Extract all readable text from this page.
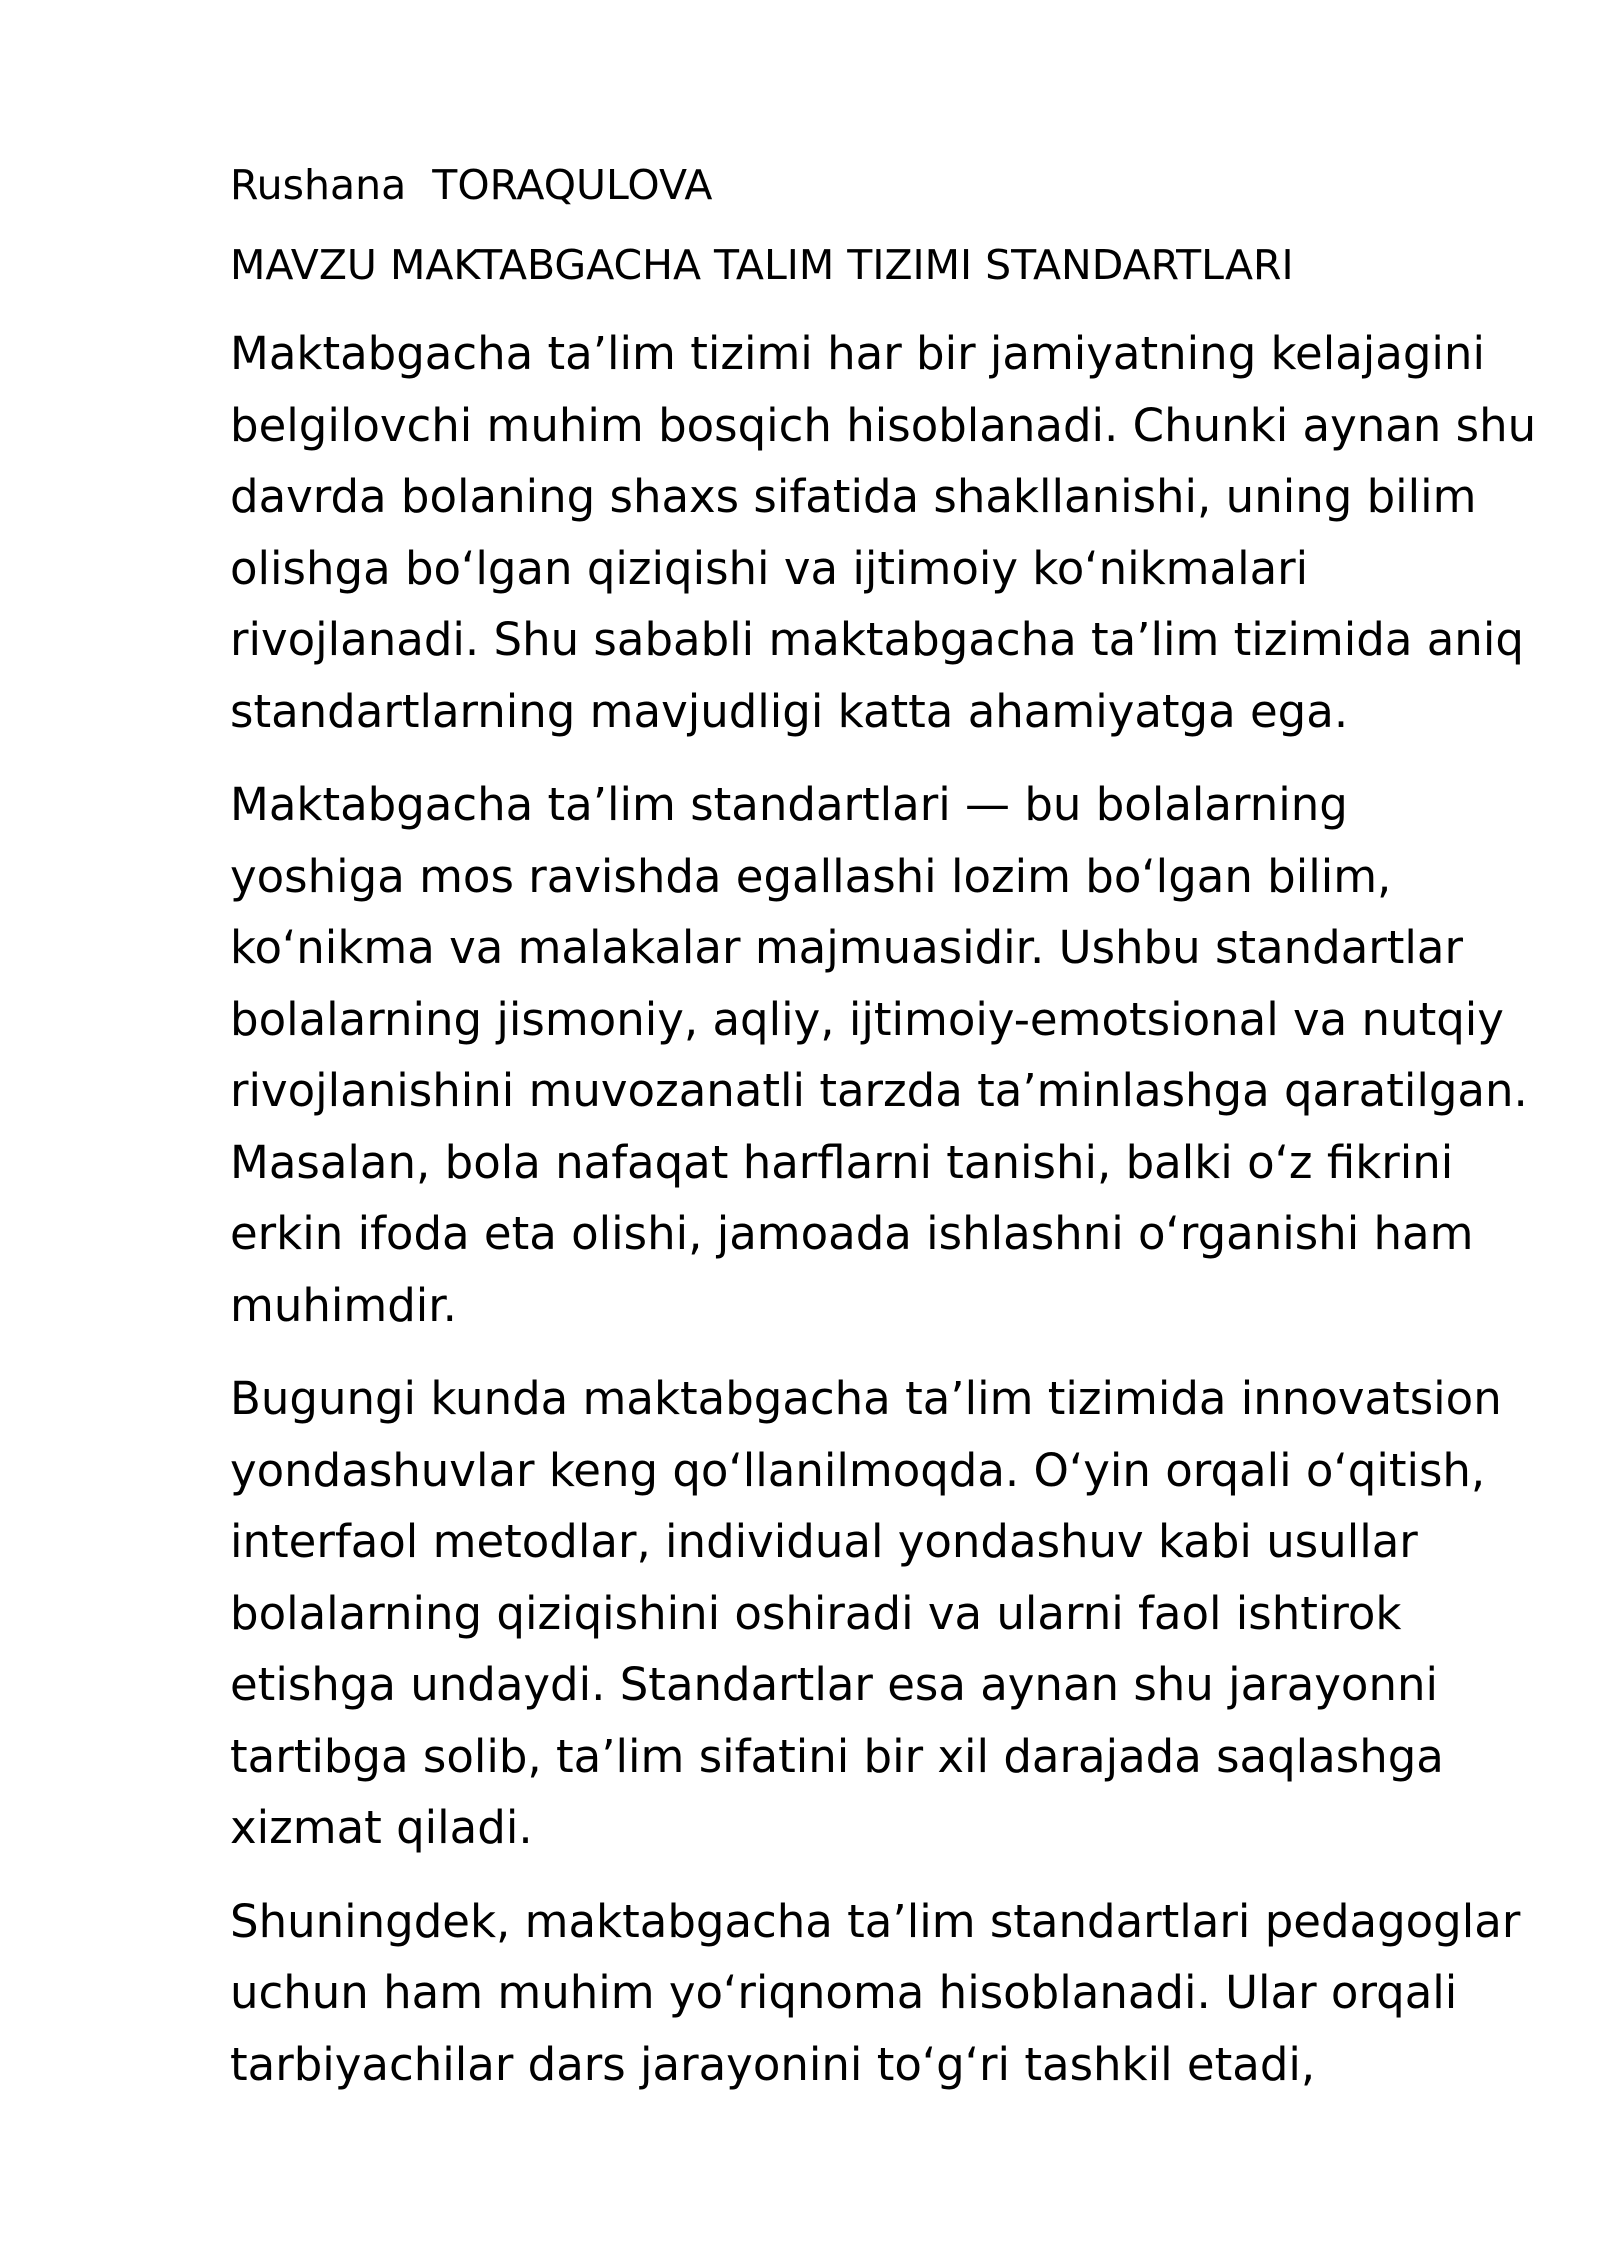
Rushana  TORAQULOVA
MAVZU MAKTABGACHA TALIM TIZIMI STANDARTLARI
Maktabgacha ta’lim tizimi har bir jamiyatning kelajagini
belgilovchi muhim bosqich hisoblanadi. Chunki aynan shu
davrda bolaning shaxs sifatida shakllanishi, uning bilim
olishga bo‘lgan qiziqishi va ijtimoiy ko‘nikmalari
rivojlanadi. Shu sababli maktabgacha ta’lim tizimida aniq
standartlarning mavjudligi katta ahamiyatga ega.
Maktabgacha ta’lim standartlari — bu bolalarning
yoshiga mos ravishda egallashi lozim bo‘lgan bilim,
ko‘nikma va malakalar majmuasidir. Ushbu standartlar
bolalarning jismoniy, aqliy, ijtimoiy-emotsional va nutqiy
rivojlanishini muvozanatli tarzda ta’minlashga qaratilgan.
Masalan, bola nafaqat harflarni tanishi, balki o‘z fikrini
erkin ifoda eta olishi, jamoada ishlashni o‘rganishi ham
muhimdir.
Bugungi kunda maktabgacha ta’lim tizimida innovatsion
yondashuvlar keng qo‘llanilmoqda. O‘yin orqali o‘qitish,
interfaol metodlar, individual yondashuv kabi usullar
bolalarning qiziqishini oshiradi va ularni faol ishtirok
etishga undaydi. Standartlar esa aynan shu jarayonni
tartibga solib, ta’lim sifatini bir xil darajada saqlashga
xizmat qiladi.
Shuningdek, maktabgacha ta’lim standartlari pedagoglar
uchun ham muhim yo‘riqnoma hisoblanadi. Ular orqali
tarbiyachilar dars jarayonini to‘g‘ri tashkil etadi,
